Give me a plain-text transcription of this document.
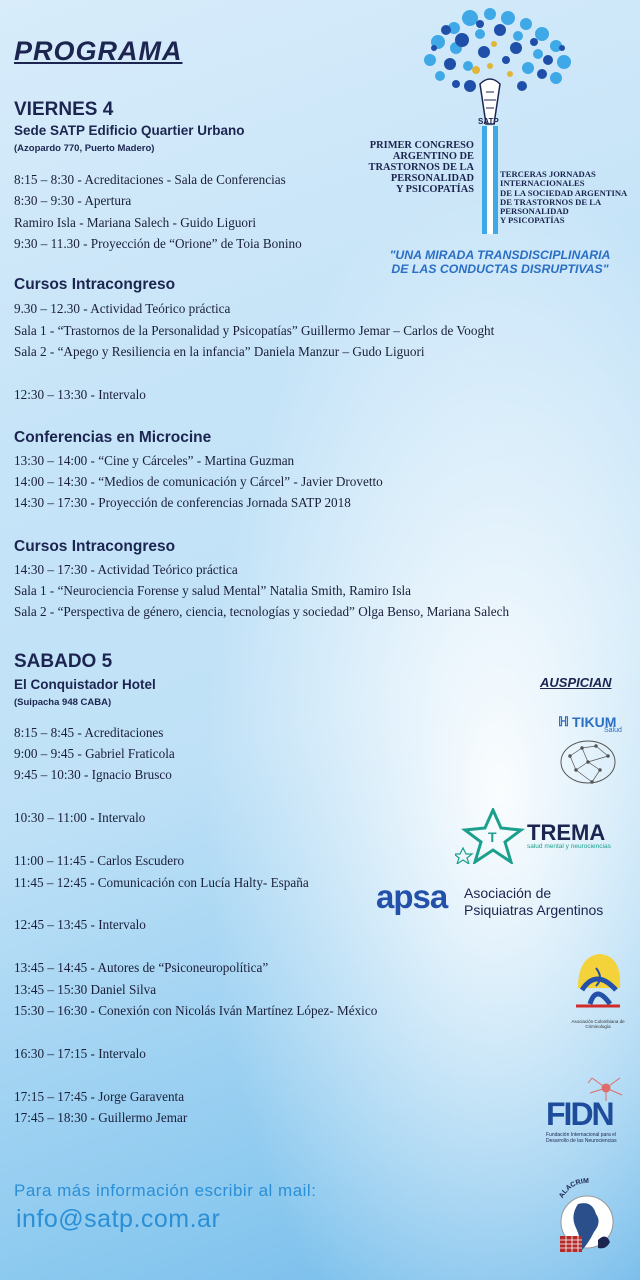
PROGRAMA
SATP
PRIMER CONGRESO
ARGENTINO DE
TRASTORNOS DE LA
PERSONALIDAD
Y PSICOPATÍAS
TERCERAS JORNADAS
INTERNACIONALES
DE LA SOCIEDAD ARGENTINA
DE TRASTORNOS DE LA
PERSONALIDAD
Y PSICOPATÍAS
"UNA MIRADA TRANSDISCIPLINARIA
DE LAS CONDUCTAS DISRUPTIVAS"
VIERNES 4
Sede SATP Edificio Quartier Urbano
(Azopardo 770, Puerto Madero)
8:15 – 8:30 - Acreditaciones - Sala de Conferencias
8:30 – 9:30 - Apertura
Ramiro Isla - Mariana Salech - Guido Liguori
9:30 – 11.30 - Proyección de “Orione” de Toia Bonino
Cursos Intracongreso
9.30 – 12.30 - Actividad Teórico práctica
Sala 1 - “Trastornos de la Personalidad y Psicopatías” Guillermo Jemar – Carlos de Vooght
Sala 2 - “Apego y Resiliencia en la infancia” Daniela Manzur – Gudo Liguori
12:30 – 13:30 - Intervalo
Conferencias en Microcine
13:30 – 14:00 - “Cine y Cárceles” - Martina Guzman
14:00 – 14:30 - “Medios de comunicación y Cárcel” - Javier Drovetto
14:30 – 17:30 - Proyección de conferencias Jornada SATP 2018
Cursos Intracongreso
14:30 – 17:30 - Actividad Teórico práctica
Sala 1 - “Neurociencia Forense y salud Mental” Natalia Smith, Ramiro Isla
Sala 2 - “Perspectiva de género, ciencia, tecnologías y sociedad” Olga Benso, Mariana Salech
SABADO 5
El Conquistador Hotel
(Suipacha 948 CABA)
8:15 – 8:45 - Acreditaciones
9:00 – 9:45 - Gabriel Fraticola
9:45 – 10:30 - Ignacio Brusco
10:30 – 11:00 - Intervalo
11:00 – 11:45 - Carlos Escudero
11:45 – 12:45 - Comunicación con Lucía Halty- España
12:45 – 13:45 - Intervalo
13:45 – 14:45 - Autores de “Psiconeuropolítica”
13:45 – 15:30 Daniel Silva
15:30 – 16:30 - Conexión con Nicolás Iván Martínez López- México
16:30 – 17:15 - Intervalo
17:15 – 17:45 - Jorge Garaventa
17:45 – 18:30 - Guillermo Jemar
Para más información escribir al mail:
info@satp.com.ar
AUSPICIAN
ℍ TIKUM
Salud
T TREMA
salud mental y neurociencias
apsa Asociación de
Psiquiatras Argentinos
Asociación Colombiana de Criminología
FIDN
Fundación Internacional para el Desarrollo de las Neurociencias
ALACRIM
